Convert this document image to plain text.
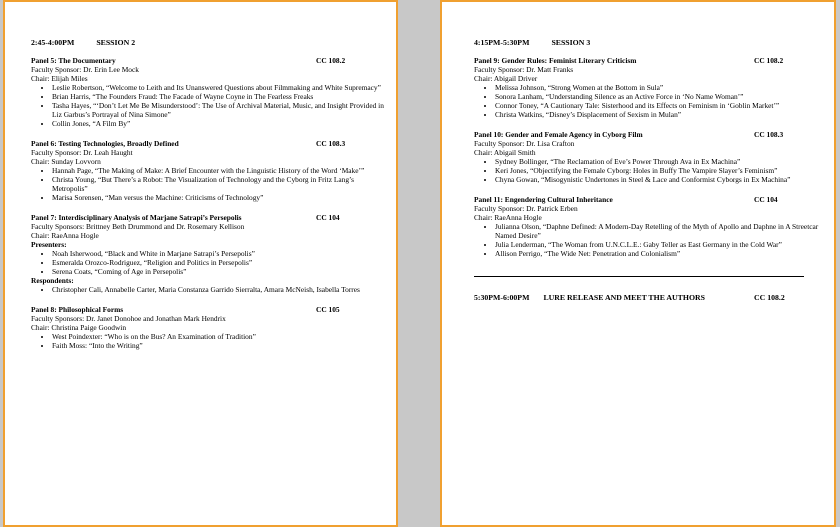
2:45-4:00PM	SESSION 2
Panel 5: The Documentary	CC 108.2
Faculty Sponsor: Dr. Erin Lee Mock
Chair: Elijah Miles
• Leslie Robertson, “Welcome to Leith and Its Unanswered Questions about Filmmaking and White Supremacy”
• Brian Harris, “The Founders Fraud: The Facade of Wayne Coyne in The Fearless Freaks
• Tasha Hayes, “‘Don’t Let Me Be Misunderstood’: The Use of Archival Material, Music, and Insight Provided in Liz Garbus’s Portrayal of Nina Simone”
• Collin Jones, “A Film By”
Panel 6: Testing Technologies, Broadly Defined	CC 108.3
Faculty Sponsor: Dr. Leah Haught
Chair: Sunday Lovvorn
• Hannah Page, “The Making of Make: A Brief Encounter with the Linguistic History of the Word ‘Make’”
• Christa Young, “But There’s a Robot: The Visualization of Technology and the Cyborg in Fritz Lang’s Metropolis”
• Marisa Sorensen, “Man versus the Machine: Criticisms of Technology”
Panel 7: Interdisciplinary Analysis of Marjane Satrapi’s Persepolis	CC 104
Faculty Sponsors: Brittney Beth Drummond and Dr. Rosemary Kellison
Chair: RaeAnna Hogle
Presenters:
• Noah Isherwood, “Black and White in Marjane Satrapi’s Persepolis”
• Esmeralda Orozco-Rodriguez, “Religion and Politics in Persepolis”
• Serena Coats, “Coming of Age in Persepolis”
Respondents:
• Christopher Cali, Annabelle Carter, Maria Constanza Garrido Sierralta, Amara McNeish, Isabella Torres
Panel 8: Philosophical Forms	CC 105
Faculty Sponsors: Dr. Janet Donohoe and Jonathan Mark Hendrix
Chair: Christina Paige Goodwin
• West Poindexter: “Who is on the Bus? An Examination of Tradition”
• Faith Moss: “Into the Writing”
4:15PM-5:30PM	SESSION 3
Panel 9: Gender Rules: Feminist Literary Criticism	CC 108.2
Faculty Sponsor: Dr. Matt Franks
Chair: Abigail Driver
• Melissa Johnson, “Strong Women at the Bottom in Sula”
• Sonora Lanham, “Understanding Silence as an Active Force in ‘No Name Woman’”
• Connor Toney, “A Cautionary Tale: Sisterhood and its Effects on Feminism in ‘Goblin Market’”
• Christa Watkins, “Disney’s Displacement of Sexism in Mulan”
Panel 10: Gender and Female Agency in Cyborg Film	CC 108.3
Faculty Sponsor: Dr. Lisa Crafton
Chair: Abigail Smith
• Sydney Bollinger, “The Reclamation of Eve’s Power Through Ava in Ex Machina”
• Keri Jones, “Objectifying the Female Cyborg: Holes in Buffy The Vampire Slayer’s Feminism”
• Chyna Gowan, “Misogynistic Undertones in Steel & Lace and Conformist Cyborgs in Ex Machina”
Panel 11: Engendering Cultural Inheritance	CC 104
Faculty Sponsor: Dr. Patrick Erben
Chair: RaeAnna Hogle
• Julianna Olson, “Daphne Defined: A Modern-Day Retelling of the Myth of Apollo and Daphne in A Streetcar Named Desire”
• Julia Lenderman, “The Woman from U.N.C.L.E.: Gaby Teller as East Germany in the Cold War”
• Allison Perrigo, “The Wide Net: Penetration and Colonialism”
5:30PM-6:00PM LURE RELEASE AND MEET THE AUTHORS	CC 108.2
